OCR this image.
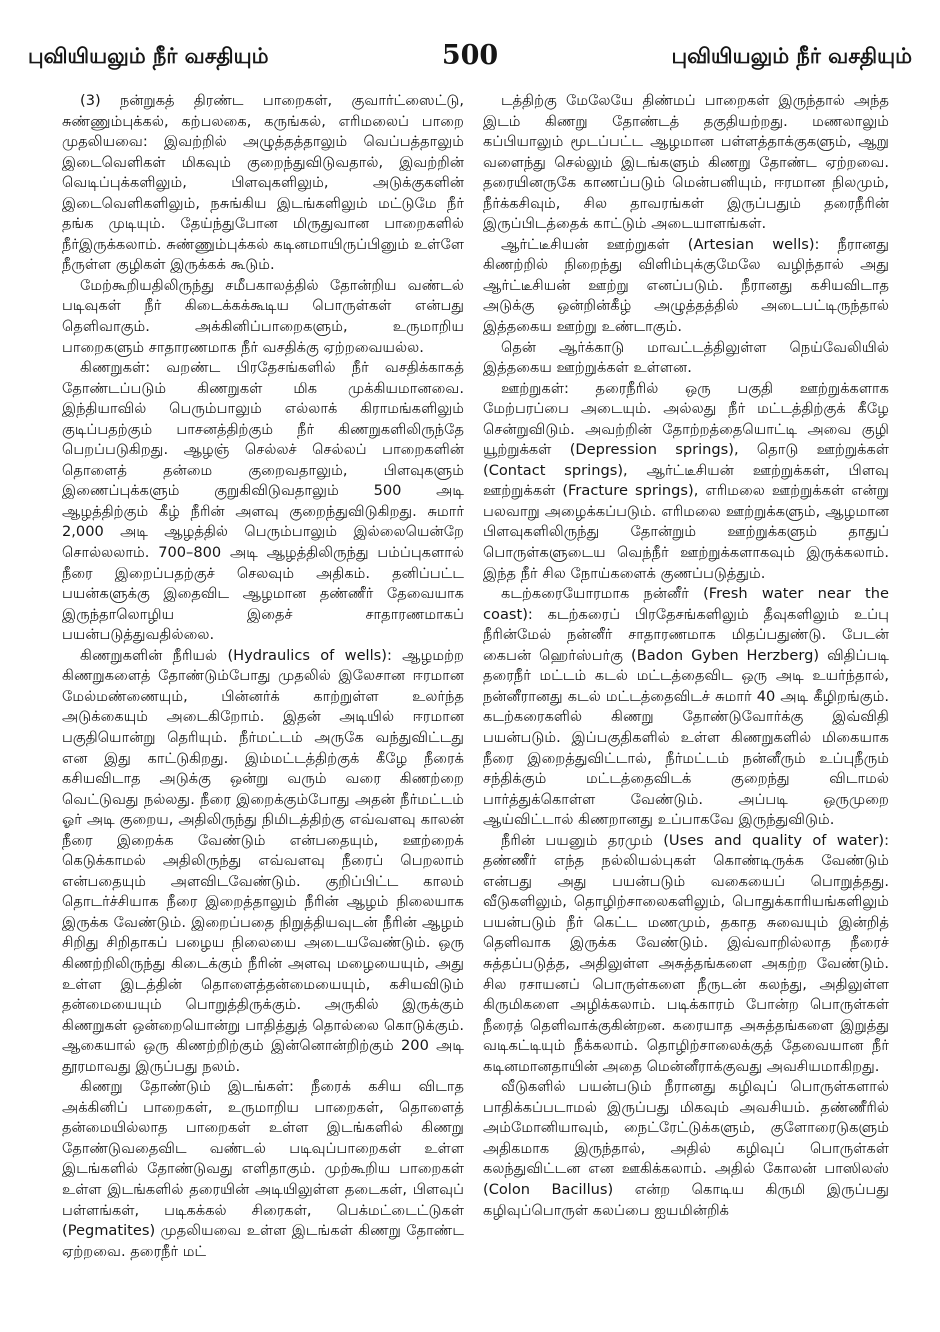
புவியியலும் நீர் வசதியும்	500	புவியியலும் நீர் வசதியும்

(3) நன்றுகத் திரண்ட பாறைகள், குவார்ட்ஸைட்டு, சுண்ணும்புக்கல், கற்பலகை, கருங்கல், எரிமலைப் பாறை முதலியவை: இவற்றில் அழுத்தத்தாலும் வெப்பத்தாலும் இடைவெளிகள் மிகவும் குறைந்துவிடுவதால், இவற்றின் வெடிப்புக்களிலும், பிளவுகளிலும், அடுக்குகளின் இடைவெளிகளிலும், நசுங்கிய இடங்களிலும் மட்டுமே நீர் தங்க முடியும். தேய்ந்துபோன மிருதுவான பாறைகளில் நீர்இருக்கலாம். சுண்ணும்புக்கல் கடினமாயிருப்பினும் உள்ளே நீருள்ள குழிகள் இருக்கக் கூடும்.

மேற்கூறியதிலிருந்து சமீபகாலத்தில் தோன்றிய வண்டல் படிவுகள் நீர் கிடைக்கக்கூடிய பொருள்கள் என்பது தெளிவாகும். அக்கினிப்பாறைகளும், உருமாறிய பாறைகளும் சாதாரணமாக நீர் வசதிக்கு ஏற்றவையல்ல.

கிணறுகள்: வறண்ட பிரதேசங்களில் நீர் வசதிக்காகத் தோண்டப்படும் கிணறுகள் மிக முக்கியமானவை. இந்தியாவில் பெரும்பாலும் எல்லாக் கிராமங்களிலும் குடிப்பதற்கும் பாசனத்திற்கும் நீர் கிணறுகளிலிருந்தே பெறப்படுகிறது. ஆழஞ் செல்லச் செல்லப் பாறைகளின் தொளைத் தன்மை குறைவதாலும், பிளவுகளும் இணைப்புக்களும் குறுகிவிடுவதாலும் 500 அடி ஆழத்திற்கும் கீழ் நீரின் அளவு குறைந்துவிடுகிறது. சுமார் 2,000 அடி ஆழத்தில் பெரும்பாலும் இல்லையென்றே சொல்லலாம். 700–800 அடி ஆழத்திலிருந்து பம்ப்புகளால் நீரை இறைப்பதற்குச் செலவும் அதிகம். தனிப்பட்ட பயன்களுக்கு இதைவிட ஆழமான தண்ணீர் தேவையாக இருந்தாலொழிய இதைச் சாதாரணமாகப் பயன்படுத்துவதில்லை.

கிணறுகளின் நீரியல் (Hydraulics of wells): ஆழமற்ற கிணறுகளைத் தோண்டும்போது முதலில் இலேசான ஈரமான மேல்மண்ணையும், பின்னர்க் காற்றுள்ள உலர்ந்த அடுக்கையும் அடைகிறோம். இதன் அடியில் ஈரமான பகுதியொன்று தெரியும். நீர்மட்டம் அருகே வந்துவிட்டது என இது காட்டுகிறது. இம்மட்டத்திற்குக் கீழே நீரைக் கசியவிடாத அடுக்கு ஒன்று வரும் வரை கிணற்றை வெட்டுவது நல்லது. நீரை இறைக்கும்போது அதன் நீர்மட்டம் ஓர் அடி குறைய, அதிலிருந்து நிமிடத்திற்கு எவ்வளவு காலன் நீரை இறைக்க வேண்டும் என்பதையும், ஊற்றைக் கெடுக்காமல் அதிலிருந்து எவ்வளவு நீரைப் பெறலாம் என்பதையும் அளவிடவேண்டும். குறிப்பிட்ட காலம் தொடர்ச்சியாக நீரை இறைத்தாலும் நீரின் ஆழம் நிலையாக இருக்க வேண்டும். இறைப்பதை நிறுத்தியவுடன் நீரின் ஆழம் சிறிது சிறிதாகப் பழைய நிலையை அடையவேண்டும். ஒரு கிணற்றிலிருந்து கிடைக்கும் நீரின் அளவு மழையையும், அது உள்ள இடத்தின் தொளைத்தன்மையையும், கசியவிடும் தன்மையையும் பொறுத்திருக்கும். அருகில் இருக்கும் கிணறுகள் ஒன்றையொன்று பாதித்துத் தொல்லை கொடுக்கும். ஆகையால் ஒரு கிணற்றிற்கும் இன்னொன்றிற்கும் 200 அடி தூரமாவது இருப்பது நலம்.

கிணறு தோண்டும் இடங்கள்: நீரைக் கசிய விடாத அக்கினிப் பாறைகள், உருமாறிய பாறைகள், தொளைத் தன்மையில்லாத பாறைகள் உள்ள இடங்களில் கிணறு தோண்டுவதைவிட வண்டல் படிவுப்பாறைகள் உள்ள இடங்களில் தோண்டுவது எளிதாகும். முற்கூறிய பாறைகள் உள்ள இடங்களில் தரையின் அடியிலுள்ள தடைகள், பிளவுப் பள்ளங்கள், படிகக்கல் சிரைகள், பெக்மட்டைட்டுகள் (Pegmatites) முதலியவை உள்ள இடங்கள் கிணறு தோண்ட ஏற்றவை. தரைநீர் மட்

டத்திற்கு மேலேயே திண்மப் பாறைகள் இருந்தால் அந்த இடம் கிணறு தோண்டத் தகுதியற்றது. மணலாலும் கப்பியாலும் மூடப்பட்ட ஆழமான பள்ளத்தாக்குகளும், ஆறு வளைந்து செல்லும் இடங்களும் கிணறு தோண்ட ஏற்றவை. தரையினருகே காணப்படும் மென்பனியும், ஈரமான நிலமும், நீர்க்கசிவும், சில தாவரங்கள் இருப்பதும் தரைநீரின் இருப்பிடத்தைக் காட்டும் அடையாளங்கள்.

ஆர்ட்டீசியன் ஊற்றுகள் (Artesian wells): நீரானது கிணற்றில் நிறைந்து விளிம்புக்குமேலே வழிந்தால் அது ஆர்ட்டீசியன் ஊற்று எனப்படும். நீரானது கசியவிடாத அடுக்கு ஒன்றின்கீழ் அழுத்தத்தில் அடைபட்டிருந்தால் இத்தகைய ஊற்று உண்டாகும்.

தென் ஆர்க்காடு மாவட்டத்திலுள்ள நெய்வேலியில் இத்தகைய ஊற்றுக்கள் உள்ளன.

ஊற்றுகள்: தரைநீரில் ஒரு பகுதி ஊற்றுக்களாக மேற்பரப்பை அடையும். அல்லது நீர் மட்டத்திற்குக் கீழே சென்றுவிடும். அவற்றின் தோற்றத்தையொட்டி அவை குழி யூற்றுக்கள் (Depression springs), தொடு ஊற்றுக்கள் (Contact springs), ஆர்ட்டீசியன் ஊற்றுக்கள், பிளவு ஊற்றுக்கள் (Fracture springs), எரிமலை ஊற்றுக்கள் என்று பலவாறு அழைக்கப்படும். எரிமலை ஊற்றுக்களும், ஆழமான பிளவுகளிலிருந்து தோன்றும் ஊற்றுக்களும் தாதுப் பொருள்களுடைய வெந்நீர் ஊற்றுக்களாகவும் இருக்கலாம். இந்த நீர் சில நோய்களைக் குணப்படுத்தும்.

கடற்கரையோரமாக நன்னீர் (Fresh water near the coast): கடற்கரைப் பிரதேசங்களிலும் தீவுகளிலும் உப்பு நீரின்மேல் நன்னீர் சாதாரணமாக மிதப்பதுண்டு. பேடன் கைபன் ஹெர்ஸ்பர்கு (Badon Gyben Herzberg) விதிப்படி தரைநீர் மட்டம் கடல் மட்டத்தைவிட ஒரு அடி உயர்ந்தால், நன்னீரானது கடல் மட்டத்தைவிடச் சுமார் 40 அடி கீழிறங்கும். கடற்கரைகளில் கிணறு தோண்டுவோர்க்கு இவ்விதி பயன்படும். இப்பகுதிகளில் உள்ள கிணறுகளில் மிகையாக நீரை இறைத்துவிட்டால், நீர்மட்டம் நன்னீரும் உப்புநீரும் சந்திக்கும் மட்டத்தைவிடக் குறைந்து விடாமல் பார்த்துக்கொள்ள வேண்டும். அப்படி ஒருமுறை ஆய்விட்டால் கிணறானது உப்பாகவே இருந்துவிடும்.

நீரின் பயனும் தரமும் (Uses and quality of water): தண்ணீர் எந்த நல்லியல்புகள் கொண்டிருக்க வேண்டும் என்பது அது பயன்படும் வகையைப் பொறுத்தது. வீடுகளிலும், தொழிற்சாலைகளிலும், பொதுக்காரியங்களிலும் பயன்படும் நீர் கெட்ட மணமும், தகாத சுவையும் இன்றித் தெளிவாக இருக்க வேண்டும். இவ்வாறில்லாத நீரைச் சுத்தப்படுத்த, அதிலுள்ள அசுத்தங்களை அகற்ற வேண்டும். சில ரசாயனப் பொருள்களை நீருடன் கலந்து, அதிலுள்ள கிருமிகளை அழிக்கலாம். படிக்காரம் போன்ற பொருள்கள் நீரைத் தெளிவாக்குகின்றன. கரையாத அசுத்தங்களை இறுத்து வடிகட்டியும் நீக்கலாம். தொழிற்சாலைக்குத் தேவையான நீர் கடினமானதாயின் அதை மென்னீராக்குவது அவசியமாகிறது.

வீடுகளில் பயன்படும் நீரானது கழிவுப் பொருள்களால் பாதிக்கப்படாமல் இருப்பது மிகவும் அவசியம். தண்ணீரில் அம்மோனியாவும், நைட்ரேட்டுக்களும், குளோரைடுகளும் அதிகமாக இருந்தால், அதில் கழிவுப் பொருள்கள் கலந்துவிட்டன என ஊகிக்கலாம். அதில் கோலன் பாஸிலஸ் (Colon Bacillus) என்ற கொடிய கிருமி இருப்பது கழிவுப்பொருள் கலப்பை ஐயமின்றிக்
